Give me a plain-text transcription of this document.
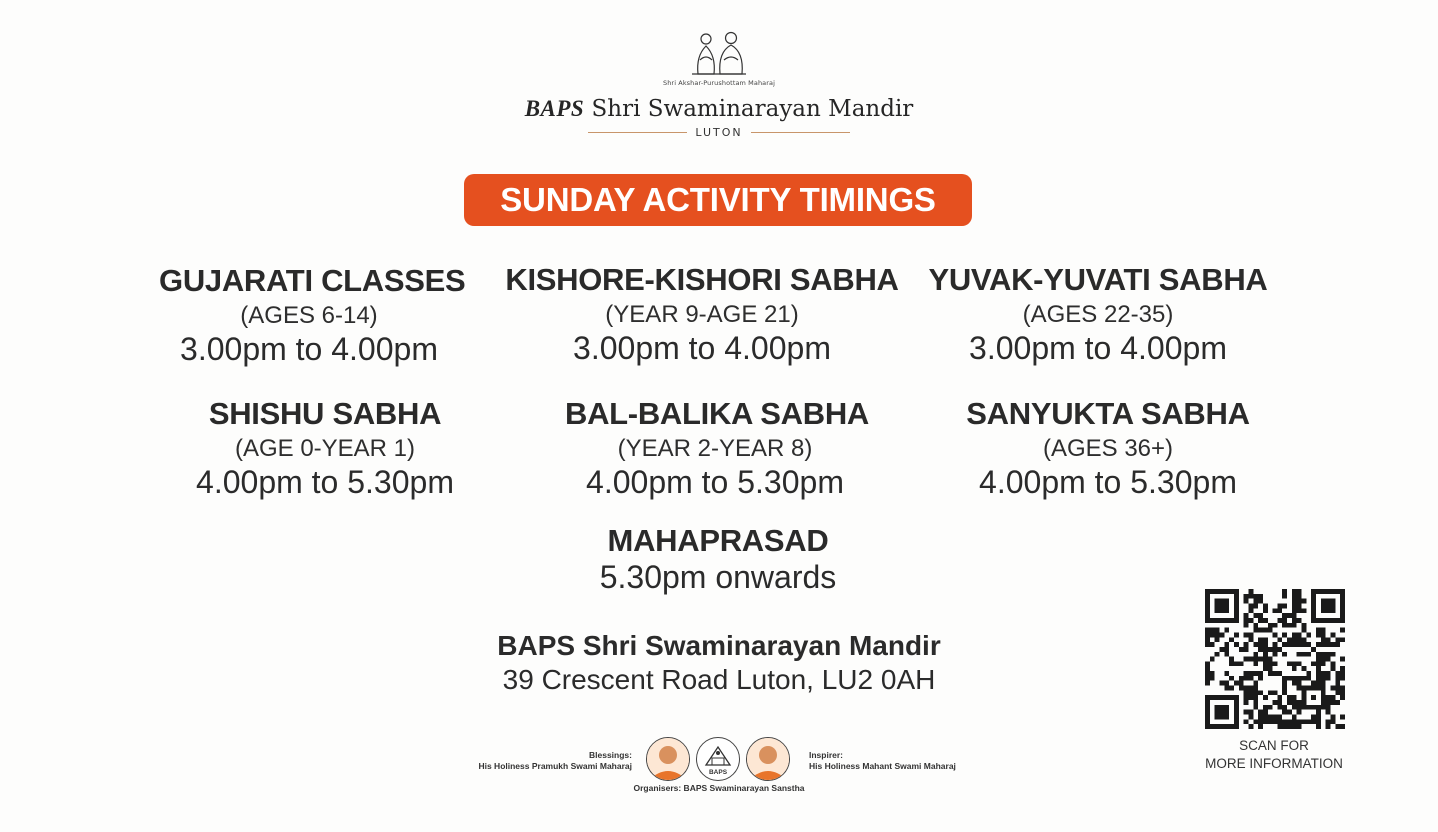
Shri Akshar-Purushottam Maharaj
BAPS Shri Swaminarayan Mandir
LUTON
SUNDAY ACTIVITY TIMINGS
GUJARATI CLASSES
(AGES 6-14)
3.00pm to 4.00pm
KISHORE-KISHORI SABHA
(YEAR 9-AGE 21)
3.00pm to 4.00pm
YUVAK-YUVATI SABHA
(AGES 22-35)
3.00pm to 4.00pm
SHISHU SABHA
(AGE 0-YEAR 1)
4.00pm to 5.30pm
BAL-BALIKA SABHA
(YEAR 2-YEAR 8)
4.00pm to 5.30pm
SANYUKTA SABHA
(AGES 36+)
4.00pm to 5.30pm
MAHAPRASAD
5.30pm onwards
BAPS Shri Swaminarayan Mandir
39 Crescent Road Luton, LU2 0AH
Blessings:
His Holiness Pramukh Swami Maharaj
BAPS
Inspirer:
His Holiness Mahant Swami Maharaj
Organisers: BAPS Swaminarayan Sanstha
SCAN FOR
MORE INFORMATION
